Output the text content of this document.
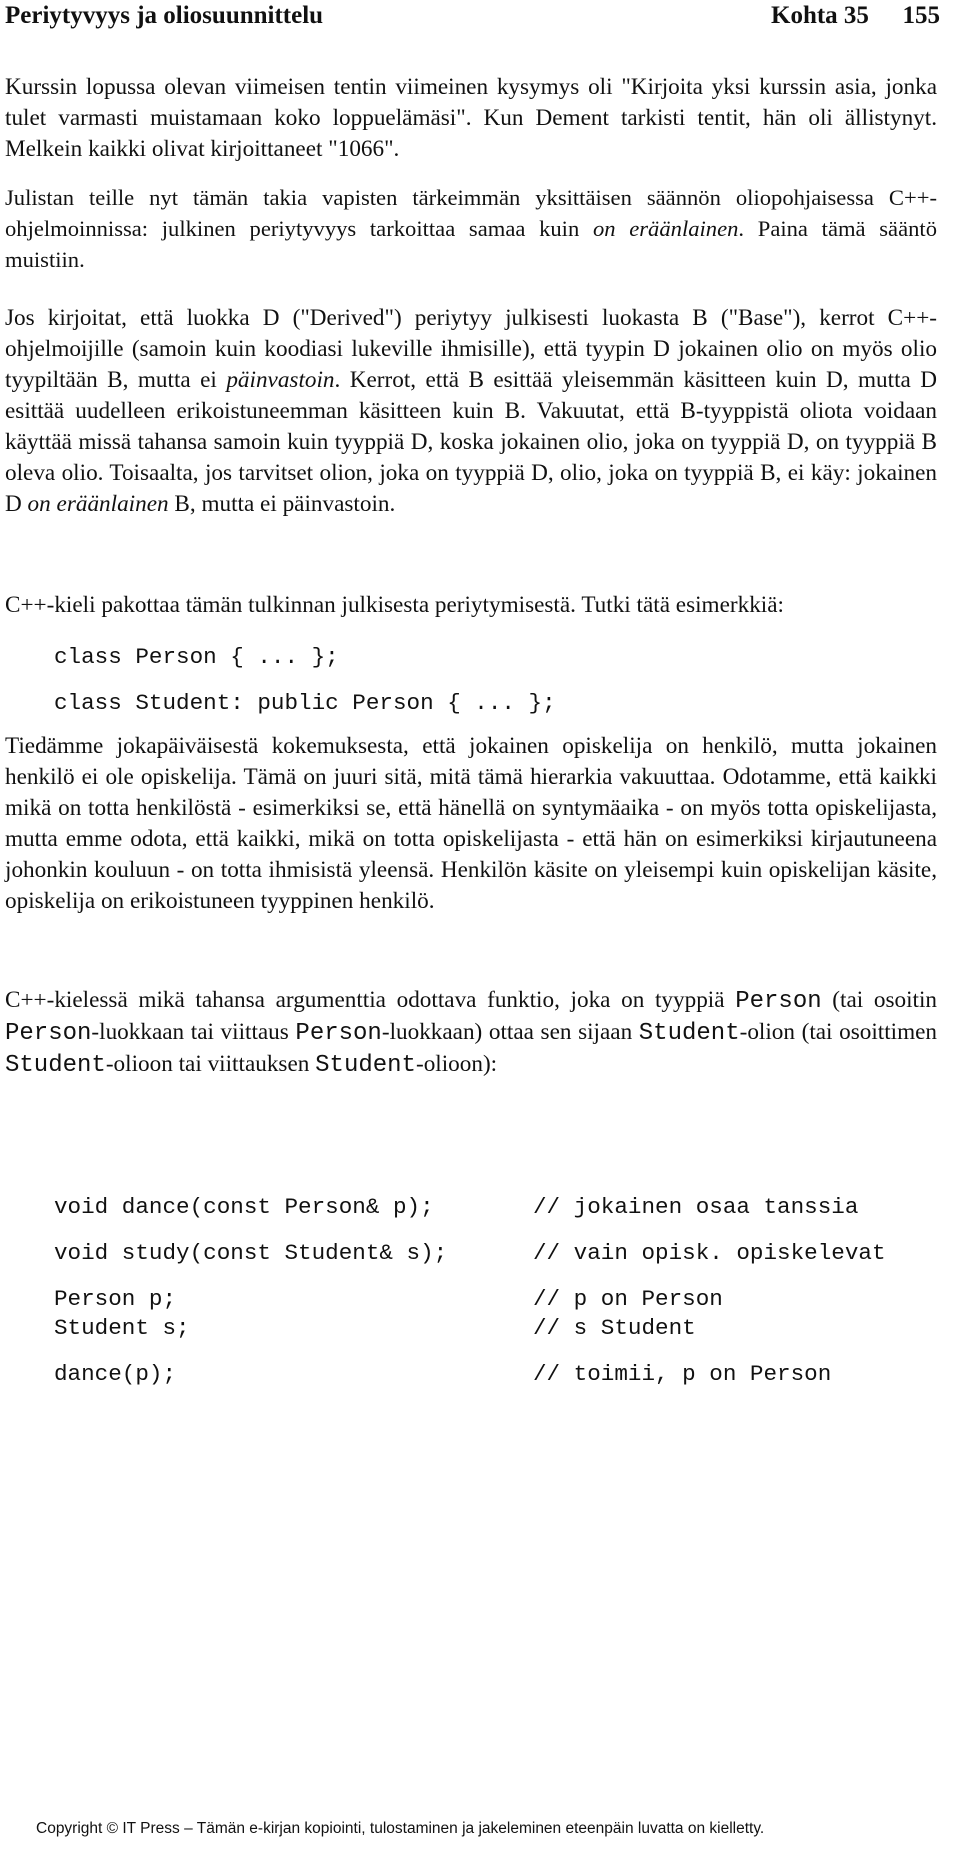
Periytyvyys ja oliosuunnittelu	Kohta 35 155
Kurssin lopussa olevan viimeisen tentin viimeinen kysymys oli "Kirjoita yksi kurssin asia, jonka tulet varmasti muistamaan koko loppuelämäsi". Kun Dement tarkisti tentit, hän oli ällistynyt. Melkein kaikki olivat kirjoittaneet "1066".
Julistan teille nyt tämän takia vapisten tärkeimmän yksittäisen säännön oliopohjaisessa C++-ohjelmoinnissa: julkinen periytyvyys tarkoittaa samaa kuin on eräänlainen. Paina tämä sääntö muistiin.
Jos kirjoitat, että luokka D ("Derived") periytyy julkisesti luokasta B ("Base"), kerrot C++-ohjelmoijille (samoin kuin koodiasi lukeville ihmisille), että tyypin D jokainen olio on myös olio tyypiltään B, mutta ei päinvastoin. Kerrot, että B esittää yleisemmän käsitteen kuin D, mutta D esittää uudelleen erikoistuneemman käsitteen kuin B. Vakuutat, että B-tyyppistä oliota voidaan käyttää missä tahansa samoin kuin tyyppiä D, koska jokainen olio, joka on tyyppiä D, on tyyppiä B oleva olio. Toisaalta, jos tarvitset olion, joka on tyyppiä D, olio, joka on tyyppiä B, ei käy: jokainen D on eräänlainen B, mutta ei päinvastoin.
C++-kieli pakottaa tämän tulkinnan julkisesta periytymisestä. Tutki tätä esimerkkiä:
class Person { ... };
class Student: public Person { ... };
Tiedämme jokapäiväisestä kokemuksesta, että jokainen opiskelija on henkilö, mutta jokainen henkilö ei ole opiskelija. Tämä on juuri sitä, mitä tämä hierarkia vakuuttaa. Odotamme, että kaikki mikä on totta henkilöstä - esimerkiksi se, että hänellä on syntymäaika - on myös totta opiskelijasta, mutta emme odota, että kaikki, mikä on totta opiskelijasta - että hän on esimerkiksi kirjautuneena johonkin kouluun - on totta ihmisistä yleensä. Henkilön käsite on yleisempi kuin opiskelijan käsite, opiskelija on erikoistuneen tyyppinen henkilö.
C++-kielessä mikä tahansa argumenttia odottava funktio, joka on tyyppiä Person (tai osoitin Person-luokkaan tai viittaus Person-luokkaan) ottaa sen sijaan Student-olion (tai osoittimen Student-olioon tai viittauksen Student-olioon):
void dance(const Person& p);	// jokainen osaa tanssia
void study(const Student& s);	// vain opisk. opiskelevat
Person p;	// p on Person
Student s;	// s Student
dance(p);	// toimii, p on Person
Copyright © IT Press – Tämän e-kirjan kopiointi, tulostaminen ja jakeleminen eteenpäin luvatta on kielletty.
